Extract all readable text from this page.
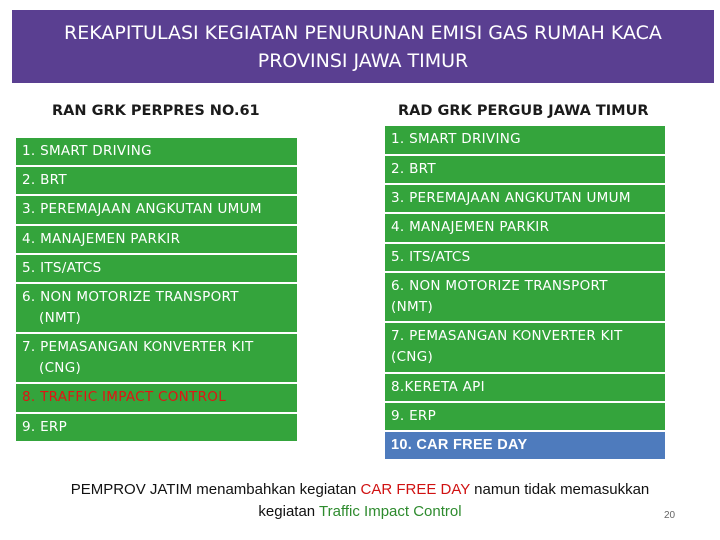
REKAPITULASI KEGIATAN PENURUNAN EMISI GAS RUMAH KACA
PROVINSI JAWA TIMUR
RAN GRK PERPRES NO.61
1. SMART DRIVING
2. BRT
3. PEREMAJAAN ANGKUTAN UMUM
4. MANAJEMEN PARKIR
5. ITS/ATCS
6. NON MOTORIZE TRANSPORT
(NMT)
7. PEMASANGAN KONVERTER KIT
(CNG)
8. TRAFFIC IMPACT CONTROL
9. ERP
RAD GRK PERGUB JAWA TIMUR
1. SMART DRIVING
2. BRT
3. PEREMAJAAN ANGKUTAN UMUM
4. MANAJEMEN PARKIR
5. ITS/ATCS
6. NON MOTORIZE TRANSPORT
(NMT)
7. PEMASANGAN KONVERTER KIT
(CNG)
8.KERETA API
9. ERP
10. CAR FREE DAY
PEMPROV JATIM menambahkan kegiatan CAR FREE DAY namun tidak memasukkan
kegiatan Traffic Impact Control	20
